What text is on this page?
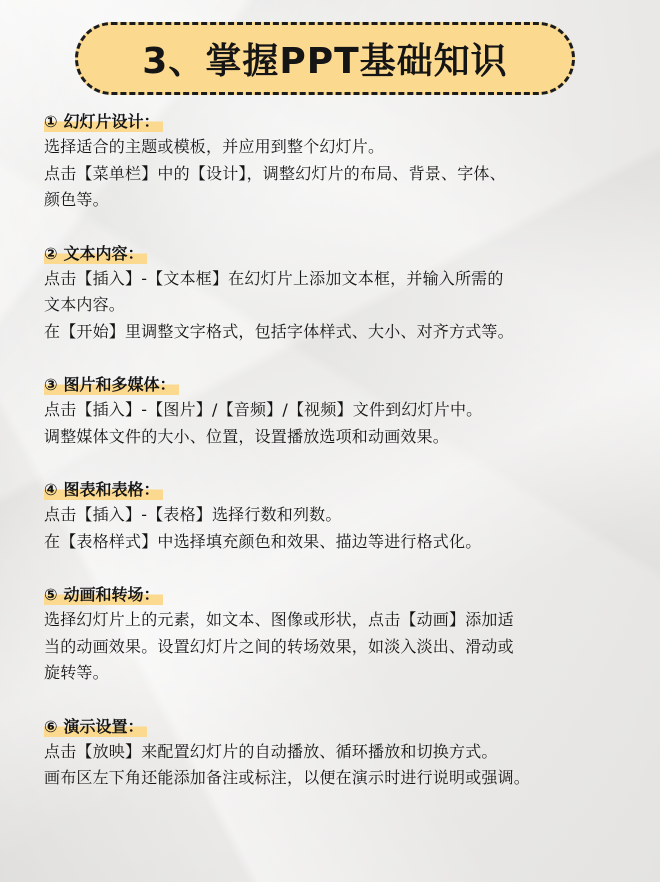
3、掌握PPT基础知识
① 幻灯片设计：
选择适合的主题或模板，并应用到整个幻灯片。
点击【菜单栏】中的【设计】，调整幻灯片的布局、背景、字体、
颜色等。
② 文本内容：
点击【插入】-【文本框】在幻灯片上添加文本框，并输入所需的
文本内容。
在【开始】里调整文字格式，包括字体样式、大小、对齐方式等。
③ 图片和多媒体：
点击【插入】-【图片】/【音频】/【视频】文件到幻灯片中。
调整媒体文件的大小、位置，设置播放选项和动画效果。
④ 图表和表格：
点击【插入】-【表格】选择行数和列数。
在【表格样式】中选择填充颜色和效果、描边等进行格式化。
⑤ 动画和转场：
选择幻灯片上的元素，如文本、图像或形状，点击【动画】添加适
当的动画效果。设置幻灯片之间的转场效果，如淡入淡出、滑动或
旋转等。
⑥ 演示设置：
点击【放映】来配置幻灯片的自动播放、循环播放和切换方式。
画布区左下角还能添加备注或标注，以便在演示时进行说明或强调。
